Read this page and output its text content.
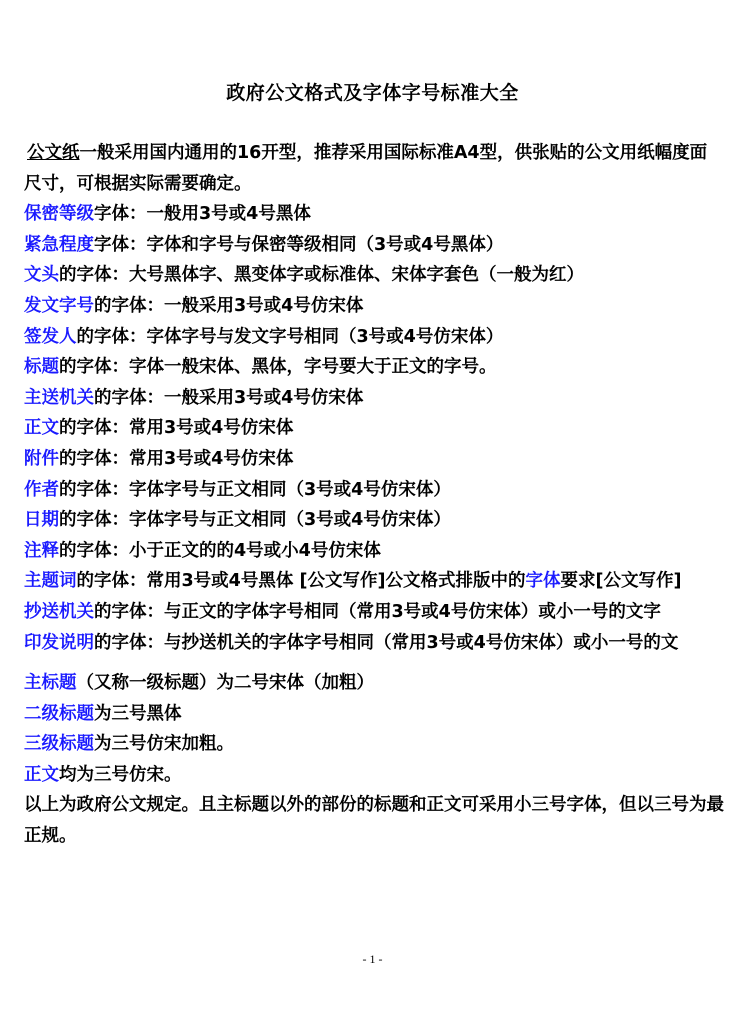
政府公文格式及字体字号标准大全

公文纸一般采用国内通用的16开型，推荐采用国际标准A4型，供张贴的公文用纸幅度面尺寸，可根据实际需要确定。

保密等级字体：一般用3号或4号黑体

紧急程度字体：字体和字号与保密等级相同（3号或4号黑体）

文头的字体：大号黑体字、黑变体字或标准体、宋体字套色（一般为红）

发文字号的字体：一般采用3号或4号仿宋体

签发人的字体：字体字号与发文字号相同（3号或4号仿宋体）

标题的字体：字体一般宋体、黑体，字号要大于正文的字号。

主送机关的字体：一般采用3号或4号仿宋体

正文的字体：常用3号或4号仿宋体

附件的字体：常用3号或4号仿宋体

作者的字体：字体字号与正文相同（3号或4号仿宋体）

日期的字体：字体字号与正文相同（3号或4号仿宋体）

注释的字体：小于正文的的4号或小4号仿宋体

主题词的字体：常用3号或4号黑体 [公文写作]公文格式排版中的字体要求[公文写作]

抄送机关的字体：与正文的字体字号相同（常用3号或4号仿宋体）或小一号的文字

印发说明的字体：与抄送机关的字体字号相同（常用3号或4号仿宋体）或小一号的文

主标题（又称一级标题）为二号宋体（加粗）

二级标题为三号黑体

三级标题为三号仿宋加粗。

正文均为三号仿宋。

以上为政府公文规定。且主标题以外的部份的标题和正文可采用小三号字体，但以三号为最正规。

- 1 -
